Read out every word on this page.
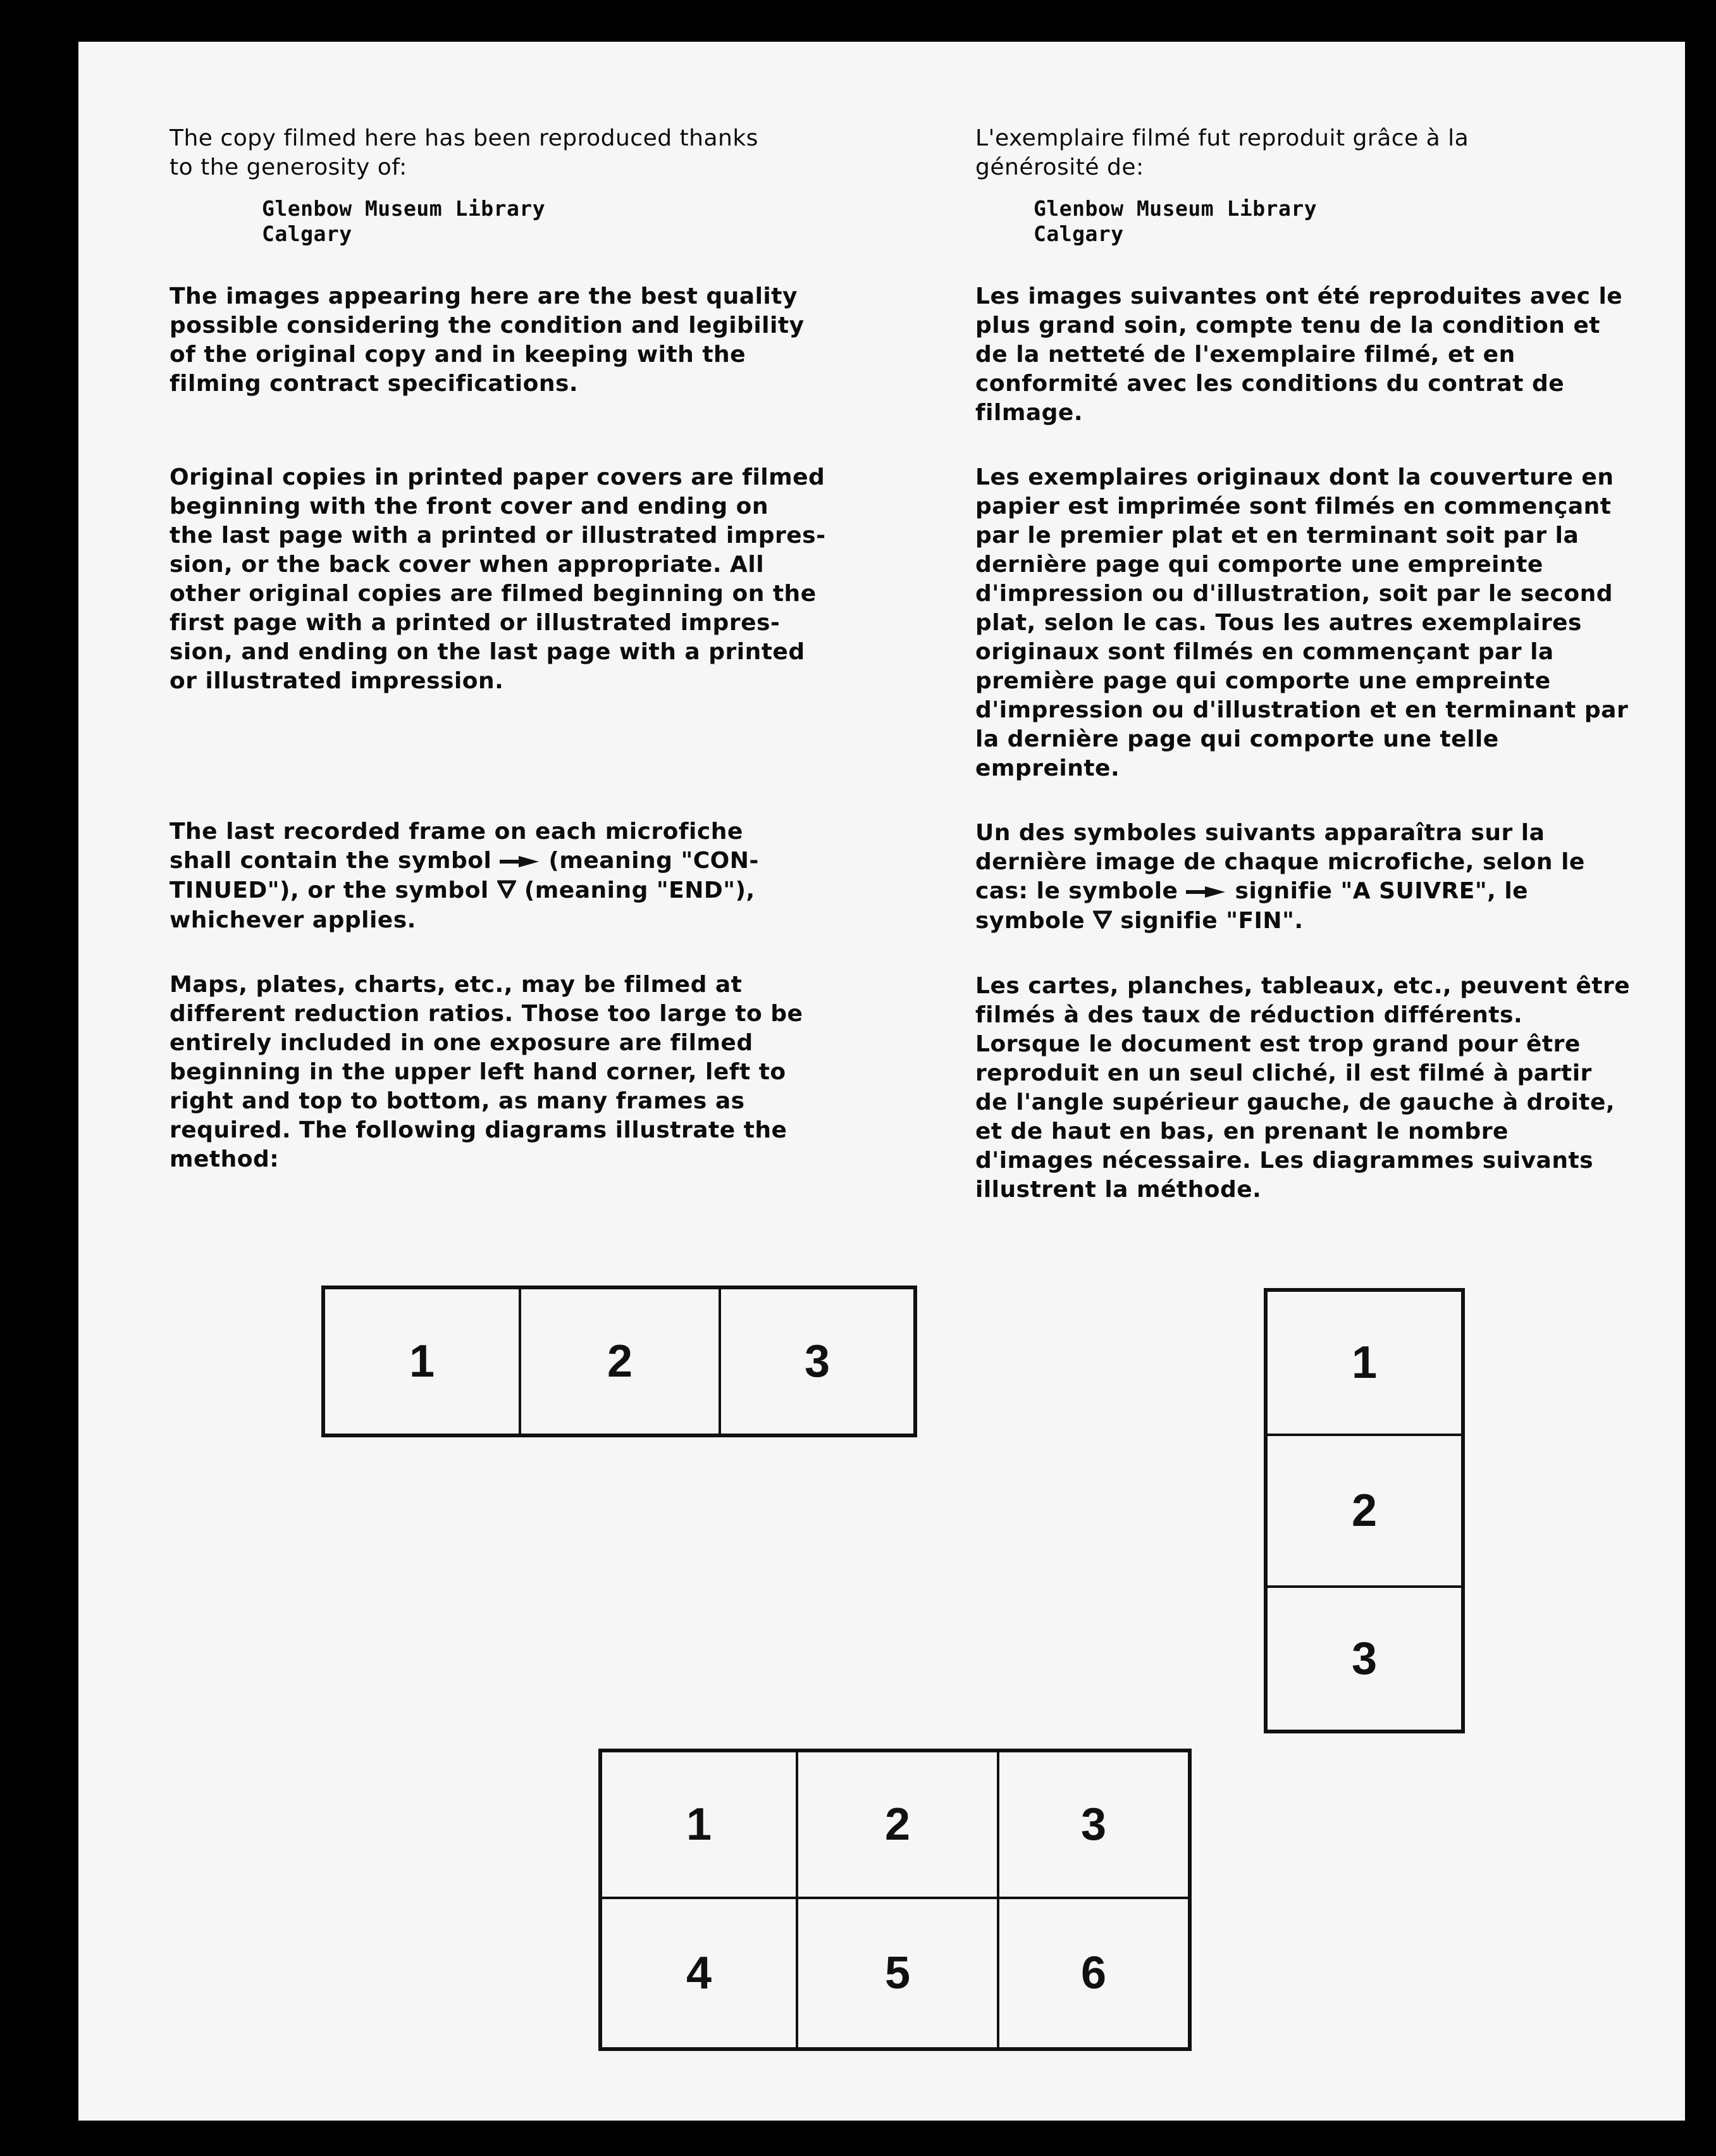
The copy filmed here has been reproduced thanks
to the generosity of:

Glenbow Museum Library
Calgary

The images appearing here are the best quality
possible considering the condition and legibility
of the original copy and in keeping with the
filming contract specifications.

Original copies in printed paper covers are filmed
beginning with the front cover and ending on
the last page with a printed or illustrated impres-
sion, or the back cover when appropriate. All
other original copies are filmed beginning on the
first page with a printed or illustrated impres-
sion, and ending on the last page with a printed
or illustrated impression.

The last recorded frame on each microfiche
shall contain the symbol  (meaning "CON-
TINUED"), or the symbol  (meaning "END"),
whichever applies.

Maps, plates, charts, etc., may be filmed at
different reduction ratios. Those too large to be
entirely included in one exposure are filmed
beginning in the upper left hand corner, left to
right and top to bottom, as many frames as
required. The following diagrams illustrate the
method:

L'exemplaire filmé fut reproduit grâce à la
générosité de:

Glenbow Museum Library
Calgary

Les images suivantes ont été reproduites avec le
plus grand soin, compte tenu de la condition et
de la netteté de l'exemplaire filmé, et en
conformité avec les conditions du contrat de
filmage.

Les exemplaires originaux dont la couverture en
papier est imprimée sont filmés en commençant
par le premier plat et en terminant soit par la
dernière page qui comporte une empreinte
d'impression ou d'illustration, soit par le second
plat, selon le cas. Tous les autres exemplaires
originaux sont filmés en commençant par la
première page qui comporte une empreinte
d'impression ou d'illustration et en terminant par
la dernière page qui comporte une telle
empreinte.

Un des symboles suivants apparaîtra sur la
dernière image de chaque microfiche, selon le
cas: le symbole  signifie "A SUIVRE", le
symbole  signifie "FIN".

Les cartes, planches, tableaux, etc., peuvent être
filmés à des taux de réduction différents.
Lorsque le document est trop grand pour être
reproduit en un seul cliché, il est filmé à partir
de l'angle supérieur gauche, de gauche à droite,
et de haut en bas, en prenant le nombre
d'images nécessaire. Les diagrammes suivants
illustrent la méthode.

1	2	3	1
2
3
1	2	3
4	5	6
